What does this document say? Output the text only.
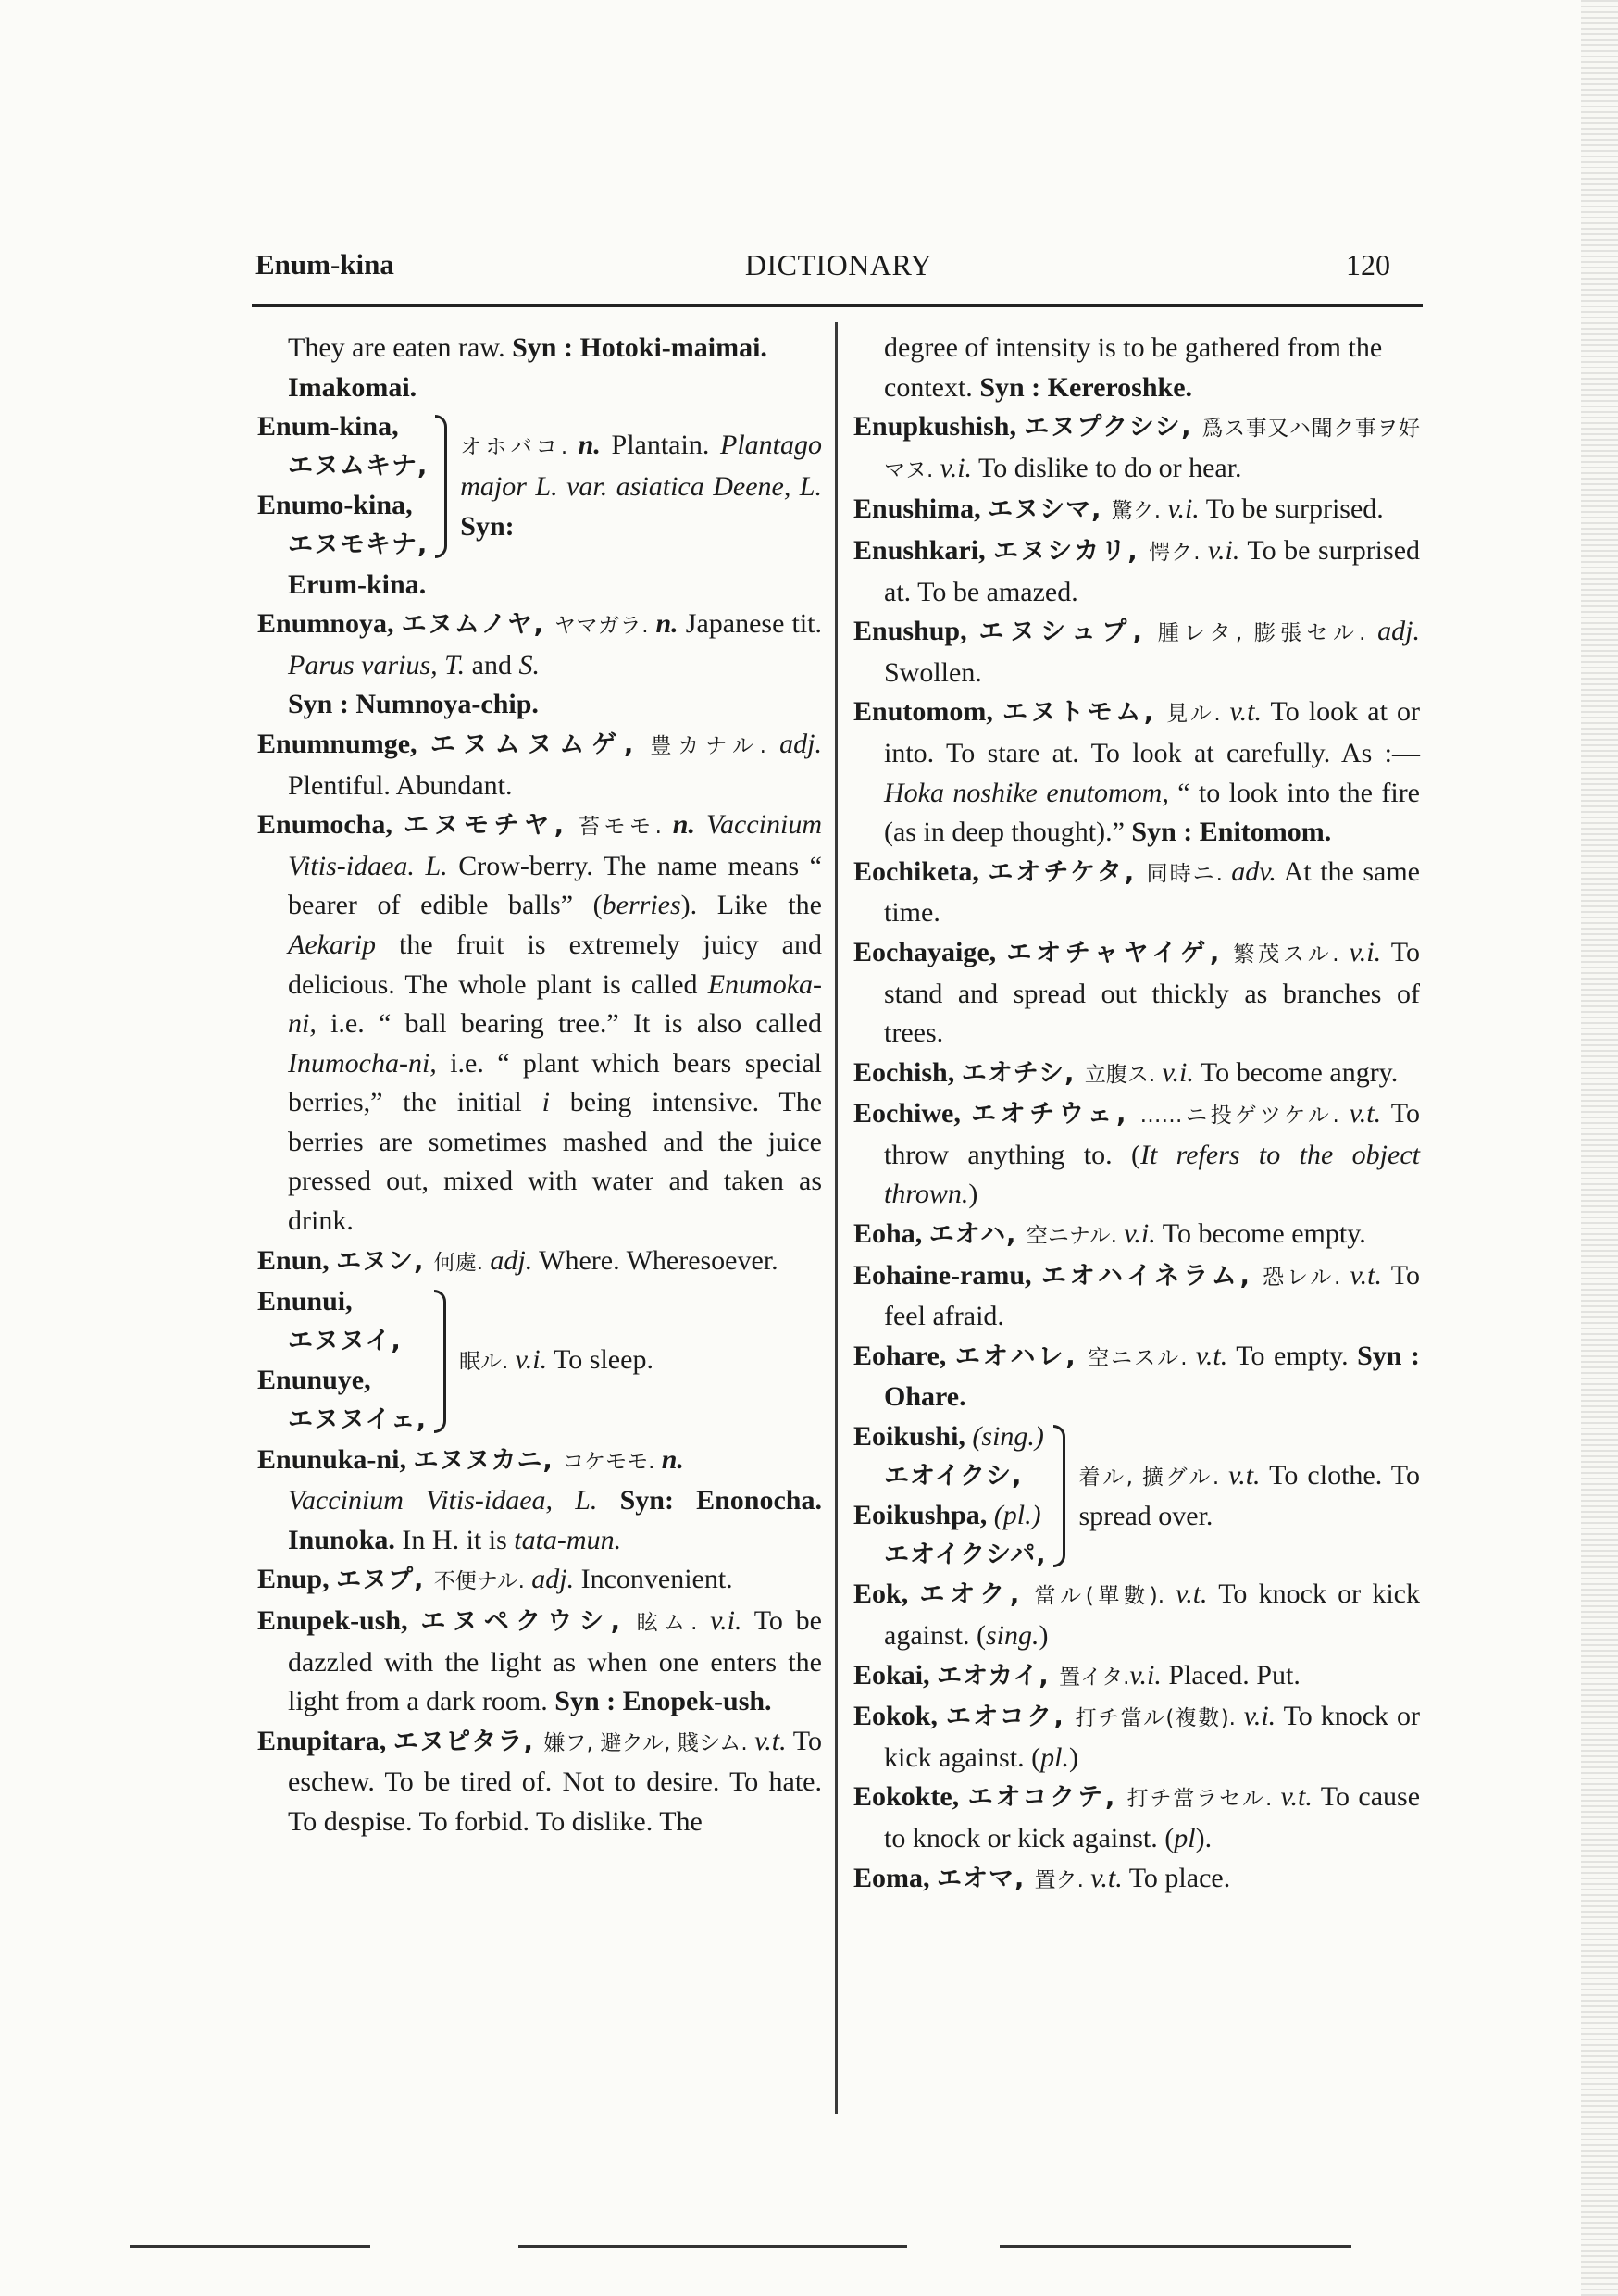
Enum-kina	DICTIONARY	120
They are eaten raw. Syn : Hotoki-maimai. Imakomai.
Enum-kina,
エヌムキナ,
Enumo-kina,
エヌモキナ,
オホバコ. n. Plantain. Plantago major L. var. asiatica Deene, L. Syn:
Erum-kina.
Enumnoya, エヌムノヤ, ヤマガラ. n. Japanese tit. Parus varius, T. and S.
Syn : Numnoya-chip.
Enumnumge, エヌムヌムゲ, 豊カナル. adj. Plentiful. Abundant.
Enumocha, エヌモチヤ, 苔モモ. n. Vaccinium Vitis-idaea. L. Crow-berry. The name means “ bearer of edible balls” (berries). Like the Aekarip the fruit is extremely juicy and delicious. The whole plant is called Enumoka-ni, i.e. “ ball bearing tree.” It is also called Inumocha-ni, i.e. “ plant which bears special berries,” the initial i being intensive. The berries are sometimes mashed and the juice pressed out, mixed with water and taken as drink.
Enun, エヌン, 何處. adj. Where. Wheresoever.
Enunui,
エヌヌイ,
Enunuye,
エヌヌイェ,
眠ル. v.i. To sleep.
Enunuka-ni, エヌヌカニ, コケモモ. n.
Vaccinium Vitis-idaea, L. Syn: Enonocha. Inunoka. In H. it is tata-mun.
Enup, エヌプ, 不便ナル. adj. Inconvenient.
Enupek-ush, エヌペクウシ, 眩ム. v.i. To be dazzled with the light as when one enters the light from a dark room. Syn : Enopek-ush.
Enupitara, エヌピタラ, 嫌フ, 避クル, 賤シム. v.t. To eschew. To be tired of. Not to desire. To hate. To despise. To forbid. To dislike. The
degree of intensity is to be gathered from the context. Syn : Kereroshke.
Enupkushish, エヌプクシシ, 爲ス事又ハ聞ク事ヲ好マヌ. v.i. To dislike to do or hear.
Enushima, エヌシマ, 驚ク. v.i. To be surprised.
Enushkari, エヌシカリ, 愕ク. v.i. To be surprised at. To be amazed.
Enushup, エヌシュプ, 腫レタ, 膨張セル. adj. Swollen.
Enutomom, エヌトモム, 見ル. v.t. To look at or into. To stare at. To look at carefully. As :—Hoka noshike enutomom, “ to look into the fire (as in deep thought).” Syn : Enitomom.
Eochiketa, エオチケタ, 同時ニ. adv. At the same time.
Eochayaige, エオチャヤイゲ, 繁茂スル. v.i. To stand and spread out thickly as branches of trees.
Eochish, エオチシ, 立腹ス. v.i. To become angry.
Eochiwe, エオチウェ, ……ニ投ゲツケル. v.t. To throw anything to. (It refers to the object thrown.)
Eoha, エオハ, 空ニナル. v.i. To become empty.
Eohaine-ramu, エオハイネラム, 恐レル. v.t. To feel afraid.
Eohare, エオハレ, 空ニスル. v.t. To empty. Syn : Ohare.
Eoikushi, (sing.)
エオイクシ,
Eoikushpa, (pl.)
エオイクシパ,
着ル, 擴グル. v.t. To clothe. To spread over.
Eok, エオク, 當ル(單數). v.t. To knock or kick against. (sing.)
Eokai, エオカイ, 置イタ.v.i. Placed. Put.
Eokok, エオコク, 打チ當ル(複數). v.i. To knock or kick against. (pl.)
Eokokte, エオコクテ, 打チ當ラセル. v.t. To cause to knock or kick against. (pl).
Eoma, エオマ, 置ク. v.t. To place.
